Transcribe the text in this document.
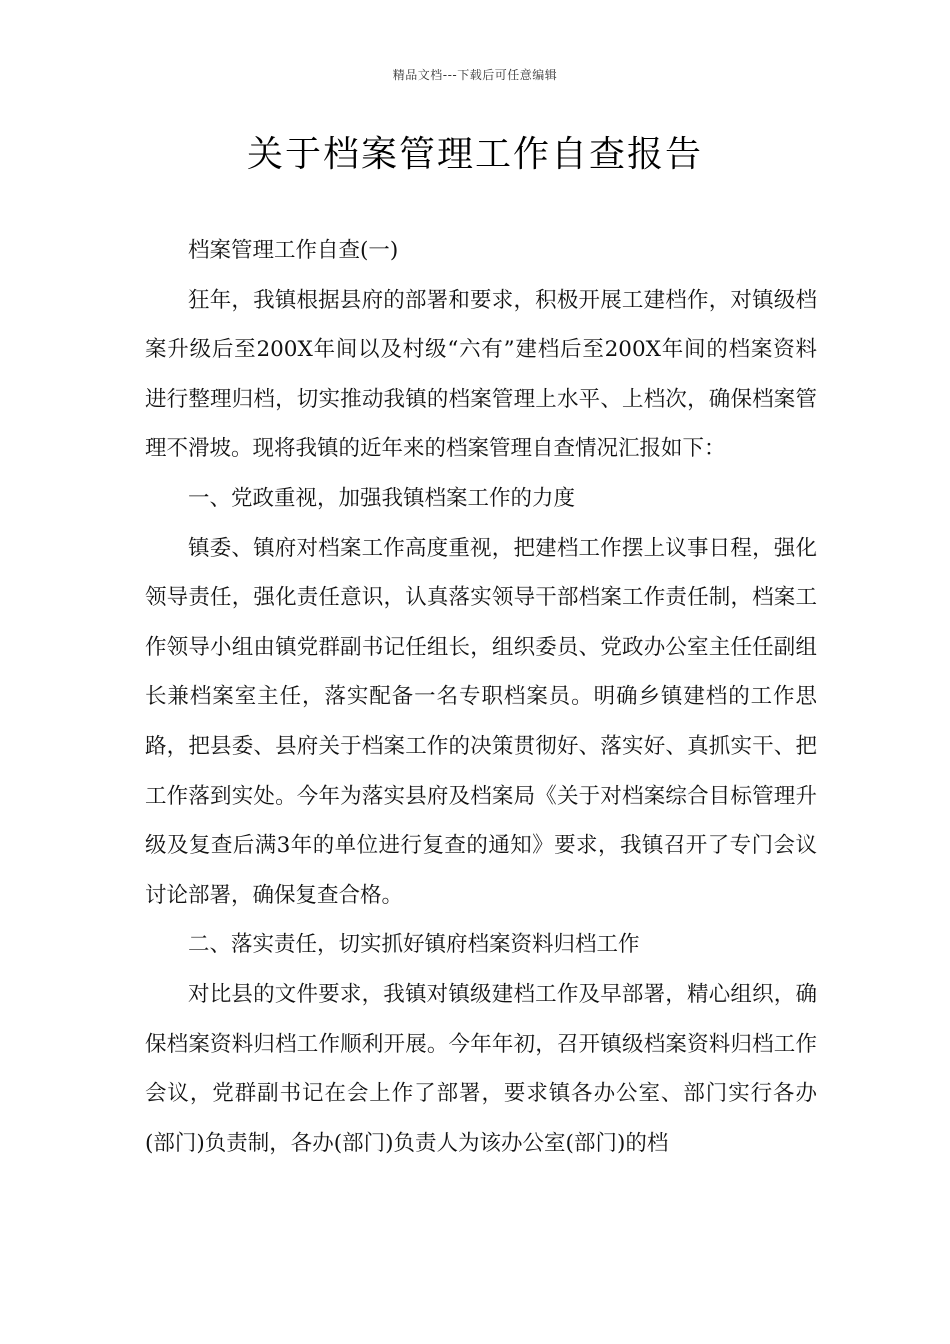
精品文档---下载后可任意编辑
关于档案管理工作自查报告

档案管理工作自查(一)

狂年，我镇根据县府的部署和要求，积极开展工建档作，对镇级档案升级后至200X年间以及村级“六有”建档后至200X年间的档案资料进行整理归档，切实推动我镇的档案管理上水平、上档次，确保档案管理不滑坡。现将我镇的近年来的档案管理自查情况汇报如下：

一、党政重视，加强我镇档案工作的力度

镇委、镇府对档案工作高度重视，把建档工作摆上议事日程，强化领导责任，强化责任意识，认真落实领导干部档案工作责任制，档案工作领导小组由镇党群副书记任组长，组织委员、党政办公室主任任副组长兼档案室主任，落实配备一名专职档案员。明确乡镇建档的工作思路，把县委、县府关于档案工作的决策贯彻好、落实好、真抓实干、把工作落到实处。今年为落实县府及档案局《关于对档案综合目标管理升级及复查后满3年的单位进行复查的通知》要求，我镇召开了专门会议讨论部署，确保复查合格。

二、落实责任，切实抓好镇府档案资料归档工作

对比县的文件要求，我镇对镇级建档工作及早部署，精心组织，确保档案资料归档工作顺利开展。今年年初，召开镇级档案资料归档工作会议，党群副书记在会上作了部署，要求镇各办公室、部门实行各办(部门)负责制，各办(部门)负责人为该办公室(部门)的档
